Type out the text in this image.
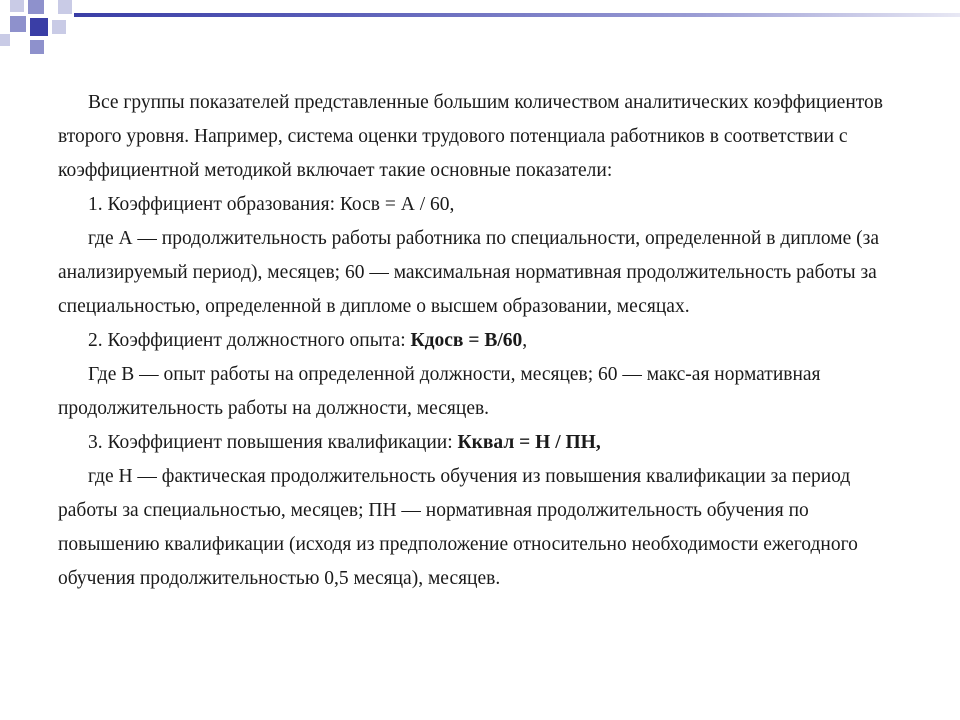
Все группы показателей представленные большим количеством аналитических коэффициентов второго уровня. Например, система оценки трудового потенциала работников в соответствии с коэффициентной методикой включает такие основные показатели:

1. Коэффициент образования: Косв = А / 60,

где А — продолжительность работы работника по специальности, определенной в дипломе (за анализируемый период), месяцев; 60 — максимальная нормативная продолжительность работы за специальностью, определенной в дипломе о высшем образовании, месяцах.

2. Коэффициент должностного опыта: Кдосв = В/60,

Где В — опыт работы на определенной должности, месяцев; 60 — макс-ая нормативная продолжительность работы на должности, месяцев.

3. Коэффициент повышения квалификации: Кквал = Н / ПН,

где Н — фактическая продолжительность обучения из повышения квалификации за период работы за специальностью, месяцев; ПН — нормативная продолжительность обучения по повышению квалификации (исходя из предположение относительно необходимости ежегодного обучения продолжительностью 0,5 месяца), месяцев.
